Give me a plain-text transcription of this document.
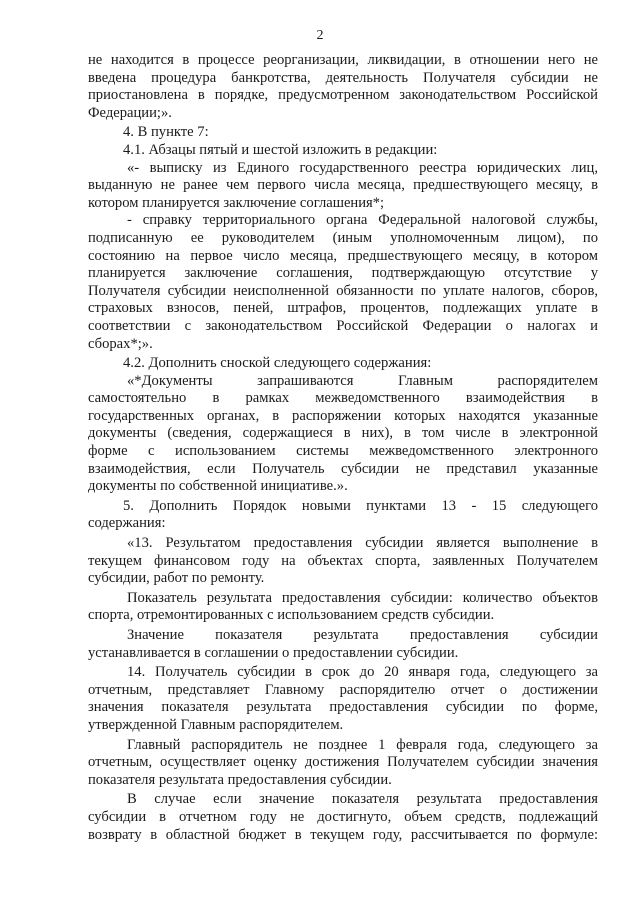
2
не находится в процессе реорганизации, ликвидации, в отношении него не
введена процедура банкротства, деятельность Получателя субсидии не
приостановлена в порядке, предусмотренном законодательством Российской
Федерации;».
4. В пункте 7:
4.1. Абзацы пятый и шестой изложить в редакции:
«- выписку из Единого государственного реестра юридических лиц,
выданную не ранее чем первого числа месяца, предшествующего месяцу, в
котором планируется заключение соглашения*;
- справку территориального органа Федеральной налоговой службы,
подписанную ее руководителем (иным уполномоченным лицом), по
состоянию на первое число месяца, предшествующего месяцу, в котором
планируется заключение соглашения, подтверждающую отсутствие у
Получателя субсидии неисполненной обязанности по уплате налогов, сборов,
страховых взносов, пеней, штрафов, процентов, подлежащих уплате в
соответствии с законодательством Российской Федерации о налогах и
сборах*;».
4.2. Дополнить сноской следующего содержания:
«*Документы запрашиваются Главным распорядителем
самостоятельно в рамках межведомственного взаимодействия в
государственных органах, в распоряжении которых находятся указанные
документы (сведения, содержащиеся в них), в том числе в электронной
форме с использованием системы межведомственного электронного
взаимодействия, если Получатель субсидии не представил указанные
документы по собственной инициативе.».
5. Дополнить Порядок новыми пунктами 13 - 15 следующего
содержания:
«13. Результатом предоставления субсидии является выполнение в
текущем финансовом году на объектах спорта, заявленных Получателем
субсидии, работ по ремонту.
Показатель результата предоставления субсидии: количество объектов
спорта, отремонтированных с использованием средств субсидии.
Значение показателя результата предоставления субсидии
устанавливается в соглашении о предоставлении субсидии.
14. Получатель субсидии в срок до 20 января года, следующего за
отчетным, представляет Главному распорядителю отчет о достижении
значения показателя результата предоставления субсидии по форме,
утвержденной Главным распорядителем.
Главный распорядитель не позднее 1 февраля года, следующего за
отчетным, осуществляет оценку достижения Получателем субсидии значения
показателя результата предоставления субсидии.
В случае если значение показателя результата предоставления
субсидии в отчетном году не достигнуто, объем средств, подлежащий
возврату в областной бюджет в текущем году, рассчитывается по формуле:
